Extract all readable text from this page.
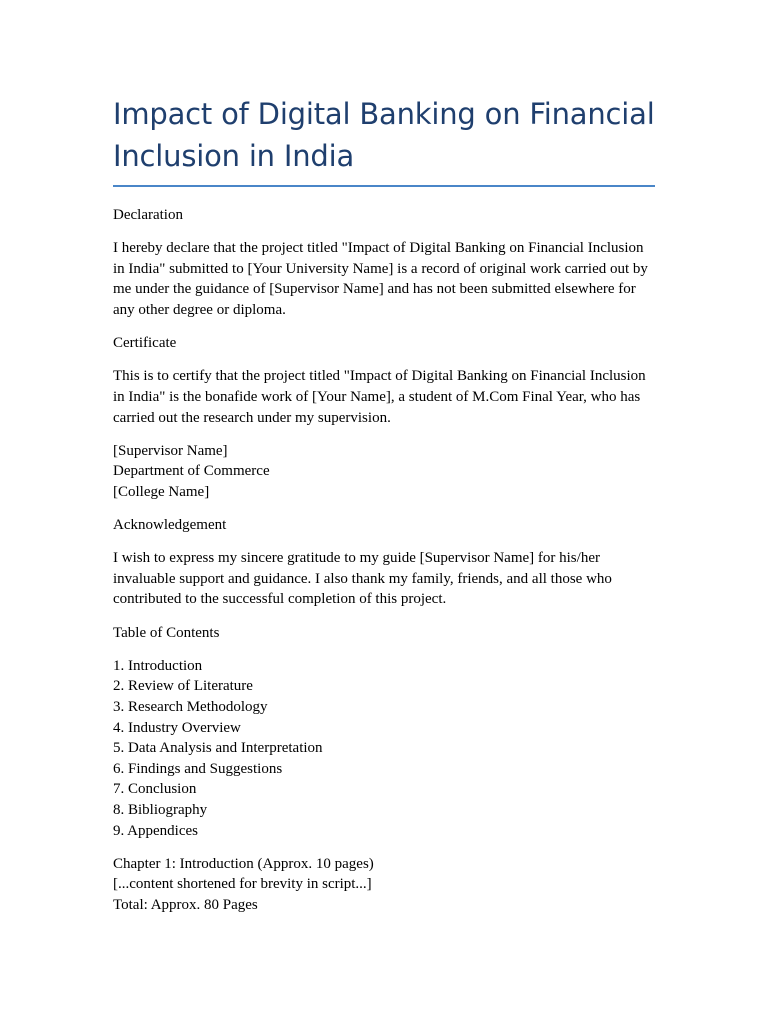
Impact of Digital Banking on Financial Inclusion in India

Declaration

I hereby declare that the project titled "Impact of Digital Banking on Financial Inclusion in India" submitted to [Your University Name] is a record of original work carried out by me under the guidance of [Supervisor Name] and has not been submitted elsewhere for any other degree or diploma.

Certificate

This is to certify that the project titled "Impact of Digital Banking on Financial Inclusion in India" is the bonafide work of [Your Name], a student of M.Com Final Year, who has carried out the research under my supervision.

[Supervisor Name]
Department of Commerce
[College Name]

Acknowledgement

I wish to express my sincere gratitude to my guide [Supervisor Name] for his/her invaluable support and guidance. I also thank my family, friends, and all those who contributed to the successful completion of this project.

Table of Contents

1. Introduction
2. Review of Literature
3. Research Methodology
4. Industry Overview
5. Data Analysis and Interpretation
6. Findings and Suggestions
7. Conclusion
8. Bibliography
9. Appendices
Chapter 1: Introduction (Approx. 10 pages)
[...content shortened for brevity in script...]
Total: Approx. 80 Pages
